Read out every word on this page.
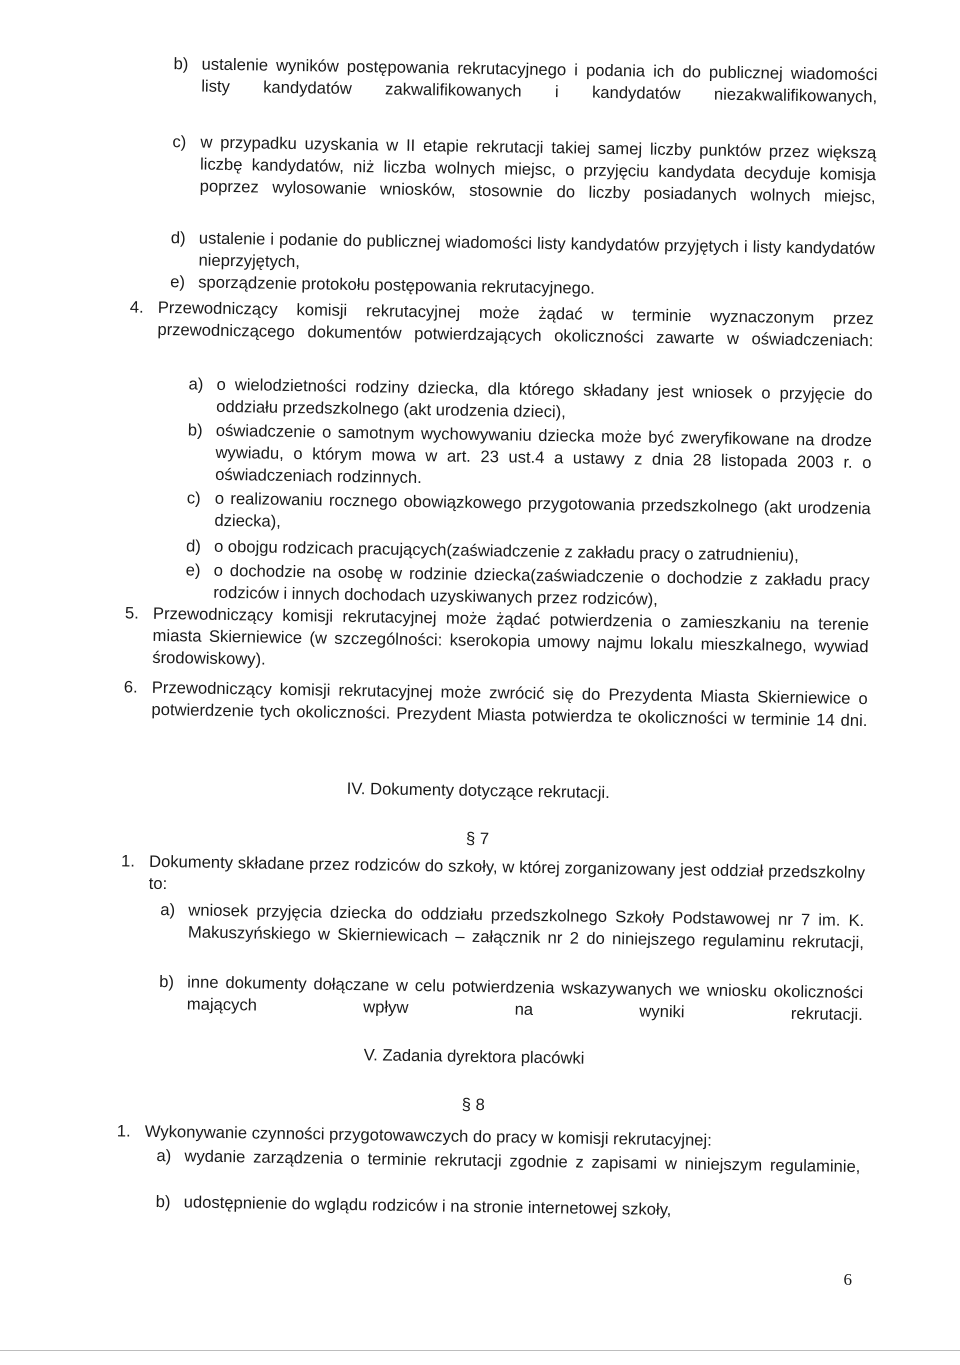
b) ustalenie wyników postępowania rekrutacyjnego i podania ich do publicznej wiadomości listy kandydatów zakwalifikowanych i kandydatów niezakwalifikowanych,
c) w przypadku uzyskania w II etapie rekrutacji takiej samej liczby punktów przez większą liczbę kandydatów, niż liczba wolnych miejsc, o przyjęciu kandydata decyduje komisja poprzez wylosowanie wniosków, stosownie do liczby posiadanych wolnych miejsc,
d) ustalenie i podanie do publicznej wiadomości listy kandydatów przyjętych i listy kandydatów nieprzyjętych,
e) sporządzenie protokołu postępowania rekrutacyjnego.
4. Przewodniczący komisji rekrutacyjnej może żądać w terminie wyznaczonym przez przewodniczącego dokumentów potwierdzających okoliczności zawarte w oświadczeniach:
a) o wielodzietności rodziny dziecka, dla którego składany jest wniosek o przyjęcie do oddziału przedszkolnego (akt urodzenia dzieci),
b) oświadczenie o samotnym wychowywaniu dziecka może być zweryfikowane na drodze wywiadu, o którym mowa w art. 23 ust.4 a ustawy z dnia 28 listopada 2003 r. o oświadczeniach rodzinnych.
c) o realizowaniu rocznego obowiązkowego przygotowania przedszkolnego (akt urodzenia dziecka),
d) o obojgu rodzicach pracujących(zaświadczenie z zakładu pracy o zatrudnieniu),
e) o dochodzie na osobę w rodzinie dziecka(zaświadczenie o dochodzie z zakładu pracy rodziców i innych dochodach uzyskiwanych przez rodziców),
5. Przewodniczący komisji rekrutacyjnej może żądać potwierdzenia o zamieszkaniu na terenie miasta Skierniewice (w szczególności: kserokopia umowy najmu lokalu mieszkalnego, wywiad środowiskowy).
6. Przewodniczący komisji rekrutacyjnej może zwrócić się do Prezydenta Miasta Skierniewice o potwierdzenie tych okoliczności. Prezydent Miasta potwierdza te okoliczności w terminie 14 dni.
IV. Dokumenty dotyczące rekrutacji.
§ 7
1. Dokumenty składane przez rodziców do szkoły, w której zorganizowany jest oddział przedszkolny to:
a) wniosek przyjęcia dziecka do oddziału przedszkolnego Szkoły Podstawowej nr 7 im. K. Makuszyńskiego w Skierniewicach – załącznik nr 2 do niniejszego regulaminu rekrutacji,
b) inne dokumenty dołączane w celu potwierdzenia wskazywanych we wniosku okoliczności mających wpływ na wyniki rekrutacji.
V. Zadania dyrektora placówki
§ 8
1. Wykonywanie czynności przygotowawczych do pracy w komisji rekrutacyjnej:
a) wydanie zarządzenia o terminie rekrutacji zgodnie z zapisami w niniejszym regulaminie,
b) udostępnienie do wglądu rodziców i na stronie internetowej szkoły,
6
